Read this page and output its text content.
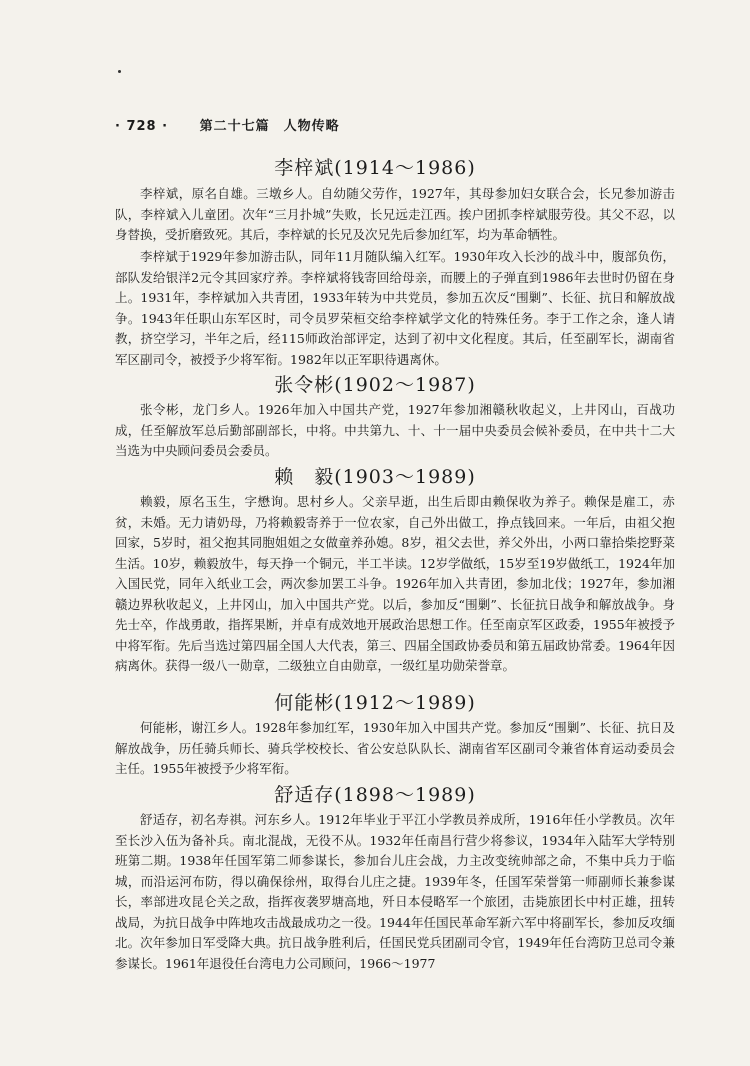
· 728 · 第二十七篇　人物传略
李梓斌(1914～1986)
李梓斌，原名自雄。三墩乡人。自幼随父劳作，1927年，其母参加妇女联合会，长兄参加游击队，李梓斌入儿童团。次年“三月扑城”失败，长兄远走江西。挨户团抓李梓斌服劳役。其父不忍，以身替换，受折磨致死。其后，李梓斌的长兄及次兄先后参加红军，均为革命牺牲。
李梓斌于1929年参加游击队，同年11月随队编入红军。1930年攻入长沙的战斗中，腹部负伤，部队发给银洋2元令其回家疗养。李梓斌将钱寄回给母亲，而腰上的子弹直到1986年去世时仍留在身上。1931年，李梓斌加入共青团，1933年转为中共党员，参加五次反“围剿”、长征、抗日和解放战争。1943年任职山东军区时，司令员罗荣桓交给李梓斌学文化的特殊任务。李于工作之余，逢人请教，挤空学习，半年之后，经115师政治部评定，达到了初中文化程度。其后，任至副军长，湖南省军区副司令，被授予少将军衔。1982年以正军职待遇离休。
张令彬(1902～1987)
张令彬，龙门乡人。1926年加入中国共产党，1927年参加湘赣秋收起义，上井冈山，百战功成，任至解放军总后勤部副部长，中将。中共第九、十、十一届中央委员会候补委员，在中共十二大当选为中央顾问委员会委员。
赖　毅(1903～1989)
赖毅，原名玉生，字懋询。思村乡人。父亲早逝，出生后即由赖保收为养子。赖保是雇工，赤贫，未婚。无力请奶母，乃将赖毅寄养于一位农家，自己外出做工，挣点钱回来。一年后，由祖父抱回家，5岁时，祖父抱其同胞姐姐之女做童养孙媳。8岁，祖父去世，养父外出，小两口靠拾柴挖野菜生活。10岁，赖毅放牛，每天挣一个铜元，半工半读。12岁学做纸，15岁至19岁做纸工，1924年加入国民党，同年入纸业工会，两次参加罢工斗争。1926年加入共青团，参加北伐；1927年，参加湘赣边界秋收起义，上井冈山，加入中国共产党。以后，参加反“围剿”、长征抗日战争和解放战争。身先士卒，作战勇敢，指挥果断，并卓有成效地开展政治思想工作。任至南京军区政委，1955年被授予中将军衔。先后当选过第四届全国人大代表，第三、四届全国政协委员和第五届政协常委。1964年因病离休。获得一级八一勋章，二级独立自由勋章，一级红星功勋荣誉章。
何能彬(1912～1989)
何能彬，谢江乡人。1928年参加红军，1930年加入中国共产党。参加反“围剿”、长征、抗日及解放战争，历任骑兵师长、骑兵学校校长、省公安总队队长、湖南省军区副司令兼省体育运动委员会主任。1955年被授予少将军衔。
舒适存(1898～1989)
舒适存，初名寿祺。河东乡人。1912年毕业于平江小学教员养成所，1916年任小学教员。次年至长沙入伍为备补兵。南北混战，无役不从。1932年任南昌行营少将参议，1934年入陆军大学特别班第二期。1938年任国军第二师参谋长，参加台儿庄会战，力主改变统帅部之命，不集中兵力于临城，而沿运河布防，得以确保徐州，取得台儿庄之捷。1939年冬，任国军荣誉第一师副师长兼参谋长，率部进攻昆仑关之敌，指挥夜袭罗塘高地，歼日本侵略军一个旅团，击毙旅团长中村正雄，扭转战局，为抗日战争中阵地攻击战最成功之一役。1944年任国民革命军新六军中将副军长，参加反攻缅北。次年参加日军受降大典。抗日战争胜利后，任国民党兵团副司令官，1949年任台湾防卫总司令兼参谋长。1961年退役任台湾电力公司顾问，1966～1977
